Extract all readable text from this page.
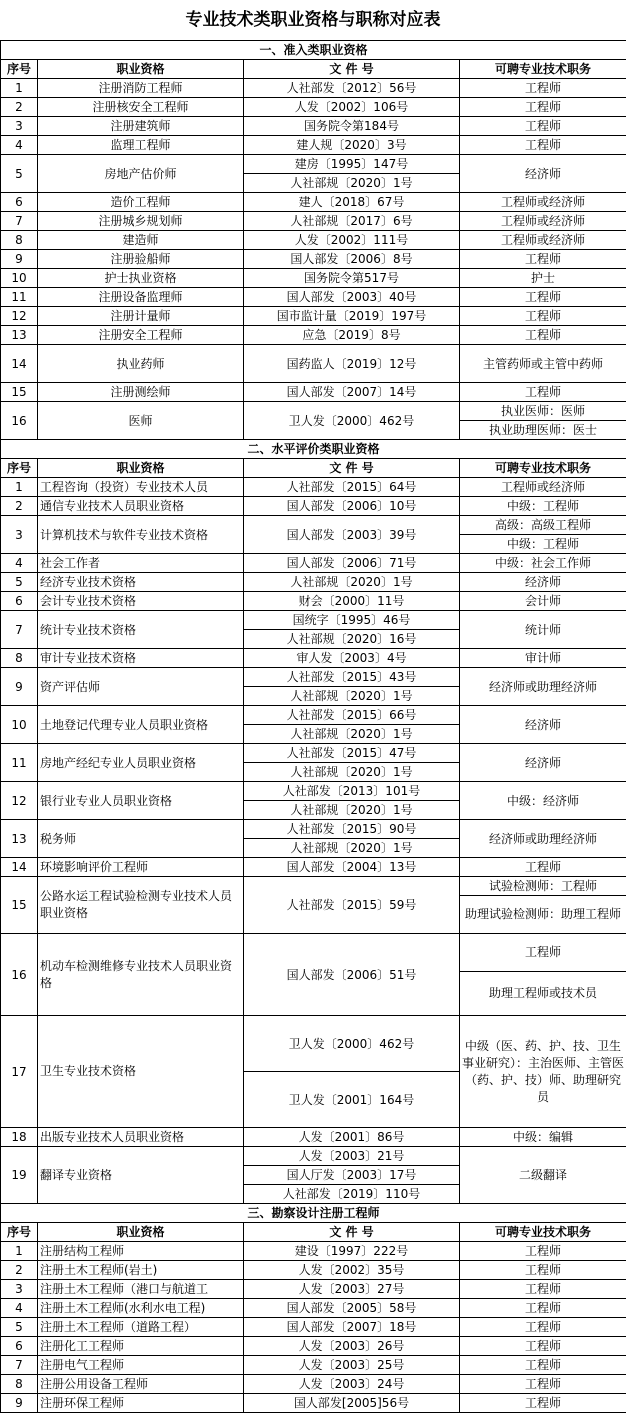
专业技术类职业资格与职称对应表
一、准入类职业资格			
序号	职业资格	文 件 号	可聘专业技术职务
1	注册消防工程师	人社部发〔2012〕56号	工程师
2	注册核安全工程师	人发〔2002〕106号	工程师
3	注册建筑师	国务院令第184号	工程师
4	监理工程师	建人规〔2020〕3号	工程师
5	房地产估价师	建房〔1995〕147号	经济师
		人社部规〔2020〕1号	
6	造价工程师	建人〔2018〕67号	工程师或经济师
7	注册城乡规划师	人社部规〔2017〕6号	工程师或经济师
8	建造师	人发〔2002〕111号	工程师或经济师
9	注册验船师	国人部发〔2006〕8号	工程师
10	护士执业资格	国务院令第517号	护士
11	注册设备监理师	国人部发〔2003〕40号	工程师
12	注册计量师	国市监计量〔2019〕197号	工程师
13	注册安全工程师	应急〔2019〕8号	工程师
14	执业药师	国药监人〔2019〕12号	主管药师或主管中药师
15	注册测绘师	国人部发〔2007〕14号	工程师
16	医师	卫人发〔2000〕462号	执业医师：医师
			执业助理医师：医士
二、水平评价类职业资格			
序号	职业资格	文 件 号	可聘专业技术职务
1	工程咨询（投资）专业技术人员	人社部发〔2015〕64号	工程师或经济师
2	通信专业技术人员职业资格	国人部发〔2006〕10号	中级：工程师
3	计算机技术与软件专业技术资格	国人部发〔2003〕39号	高级：高级工程师
			中级：工程师
4	社会工作者	国人部发〔2006〕71号	中级：社会工作师
5	经济专业技术资格	人社部规〔2020〕1号	经济师
6	会计专业技术资格	财会〔2000〕11号	会计师
7	统计专业技术资格	国统字〔1995〕46号	统计师
		人社部规〔2020〕16号	
8	审计专业技术资格	审人发〔2003〕4号	审计师
9	资产评估师	人社部发〔2015〕43号	经济师或助理经济师
		人社部规〔2020〕1号	
10	土地登记代理专业人员职业资格	人社部发〔2015〕66号	经济师
		人社部规〔2020〕1号	
11	房地产经纪专业人员职业资格	人社部发〔2015〕47号	经济师
		人社部规〔2020〕1号	
12	银行业专业人员职业资格	人社部发〔2013〕101号	中级：经济师
		人社部规〔2020〕1号	
13	税务师	人社部发〔2015〕90号	经济师或助理经济师
		人社部规〔2020〕1号	
14	环境影响评价工程师	国人部发〔2004〕13号	工程师
15	公路水运工程试验检测专业技术人员职业资格	人社部发〔2015〕59号	试验检测师：工程师
			助理试验检测师：助理工程师
16	机动车检测维修专业技术人员职业资格	国人部发〔2006〕51号	工程师
			助理工程师或技术员
17	卫生专业技术资格	卫人发〔2000〕462号	中级（医、药、护、技、卫生事业研究）：主治医师、主管医（药、护、技）师、助理研究员
		卫人发〔2001〕164号	
18	出版专业技术人员职业资格	人发〔2001〕86号	中级：编辑
19	翻译专业资格	人发〔2003〕21号	二级翻译
		国人厅发〔2003〕17号	
		人社部发〔2019〕110号	
三、勘察设计注册工程师			
序号	职业资格	文 件 号	可聘专业技术职务
1	注册结构工程师	建设〔1997〕222号	工程师
2	注册土木工程师(岩土)	人发〔2002〕35号	工程师
3	注册土木工程师（港口与航道工	人发〔2003〕27号	工程师
4	注册土木工程师(水利水电工程)	国人部发〔2005〕58号	工程师
5	注册土木工程师（道路工程）	国人部发〔2007〕18号	工程师
6	注册化工工程师	人发〔2003〕26号	工程师
7	注册电气工程师	人发〔2003〕25号	工程师
8	注册公用设备工程师	人发〔2003〕24号	工程师
9	注册环保工程师	国人部发[2005]56号	工程师
